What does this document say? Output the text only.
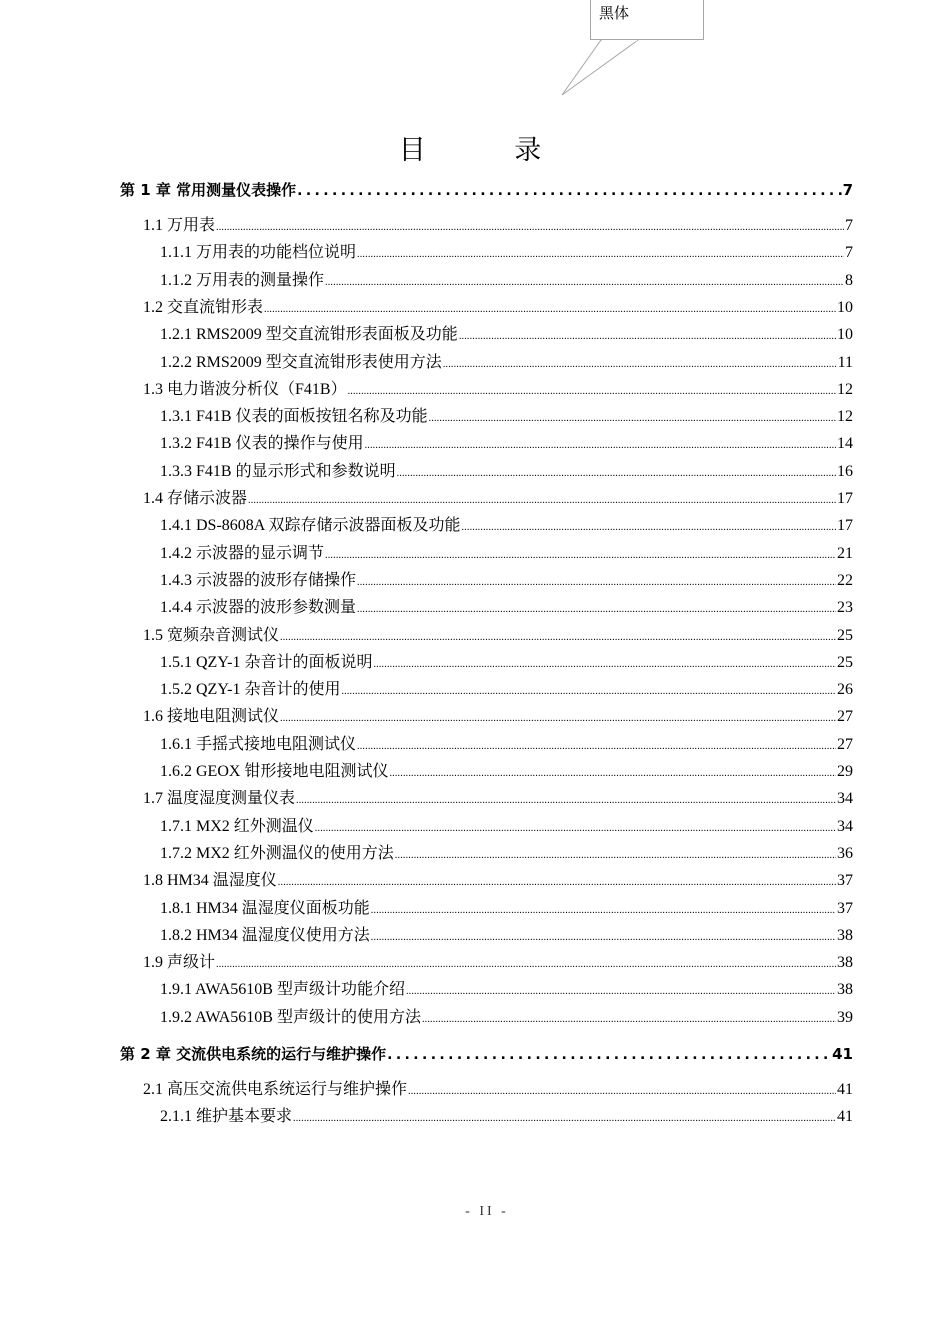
黑体
目 录
第 1 章 常用测量仪表操作 .....	7
1.1 万用表 .....	7
1.1.1 万用表的功能档位说明 .....	7
1.1.2 万用表的测量操作 .....	8
1.2 交直流钳形表 .....	10
1.2.1 RMS2009 型交直流钳形表面板及功能 .....	10
1.2.2 RMS2009 型交直流钳形表使用方法 .....	11
1.3 电力谐波分析仪（F41B） .....	12
1.3.1 F41B 仪表的面板按钮名称及功能 .....	12
1.3.2 F41B 仪表的操作与使用 .....	14
1.3.3 F41B 的显示形式和参数说明 .....	16
1.4 存储示波器 .....	17
1.4.1 DS-8608A 双踪存储示波器面板及功能 .....	17
1.4.2 示波器的显示调节 .....	21
1.4.3 示波器的波形存储操作 .....	22
1.4.4 示波器的波形参数测量 .....	23
1.5 宽频杂音测试仪 .....	25
1.5.1 QZY-1 杂音计的面板说明 .....	25
1.5.2 QZY-1 杂音计的使用 .....	26
1.6 接地电阻测试仪 .....	27
1.6.1 手摇式接地电阻测试仪 .....	27
1.6.2 GEOX 钳形接地电阻测试仪 .....	29
1.7 温度湿度测量仪表 .....	34
1.7.1 MX2 红外测温仪 .....	34
1.7.2 MX2 红外测温仪的使用方法 .....	36
1.8 HM34 温湿度仪 .....	37
1.8.1 HM34 温湿度仪面板功能 .....	37
1.8.2 HM34 温湿度仪使用方法 .....	38
1.9 声级计 .....	38
1.9.1 AWA5610B 型声级计功能介绍 .....	38
1.9.2 AWA5610B 型声级计的使用方法 .....	39
第 2 章 交流供电系统的运行与维护操作 .....	41
2.1 高压交流供电系统运行与维护操作 .....	41
2.1.1 维护基本要求 .....	41
- II -
